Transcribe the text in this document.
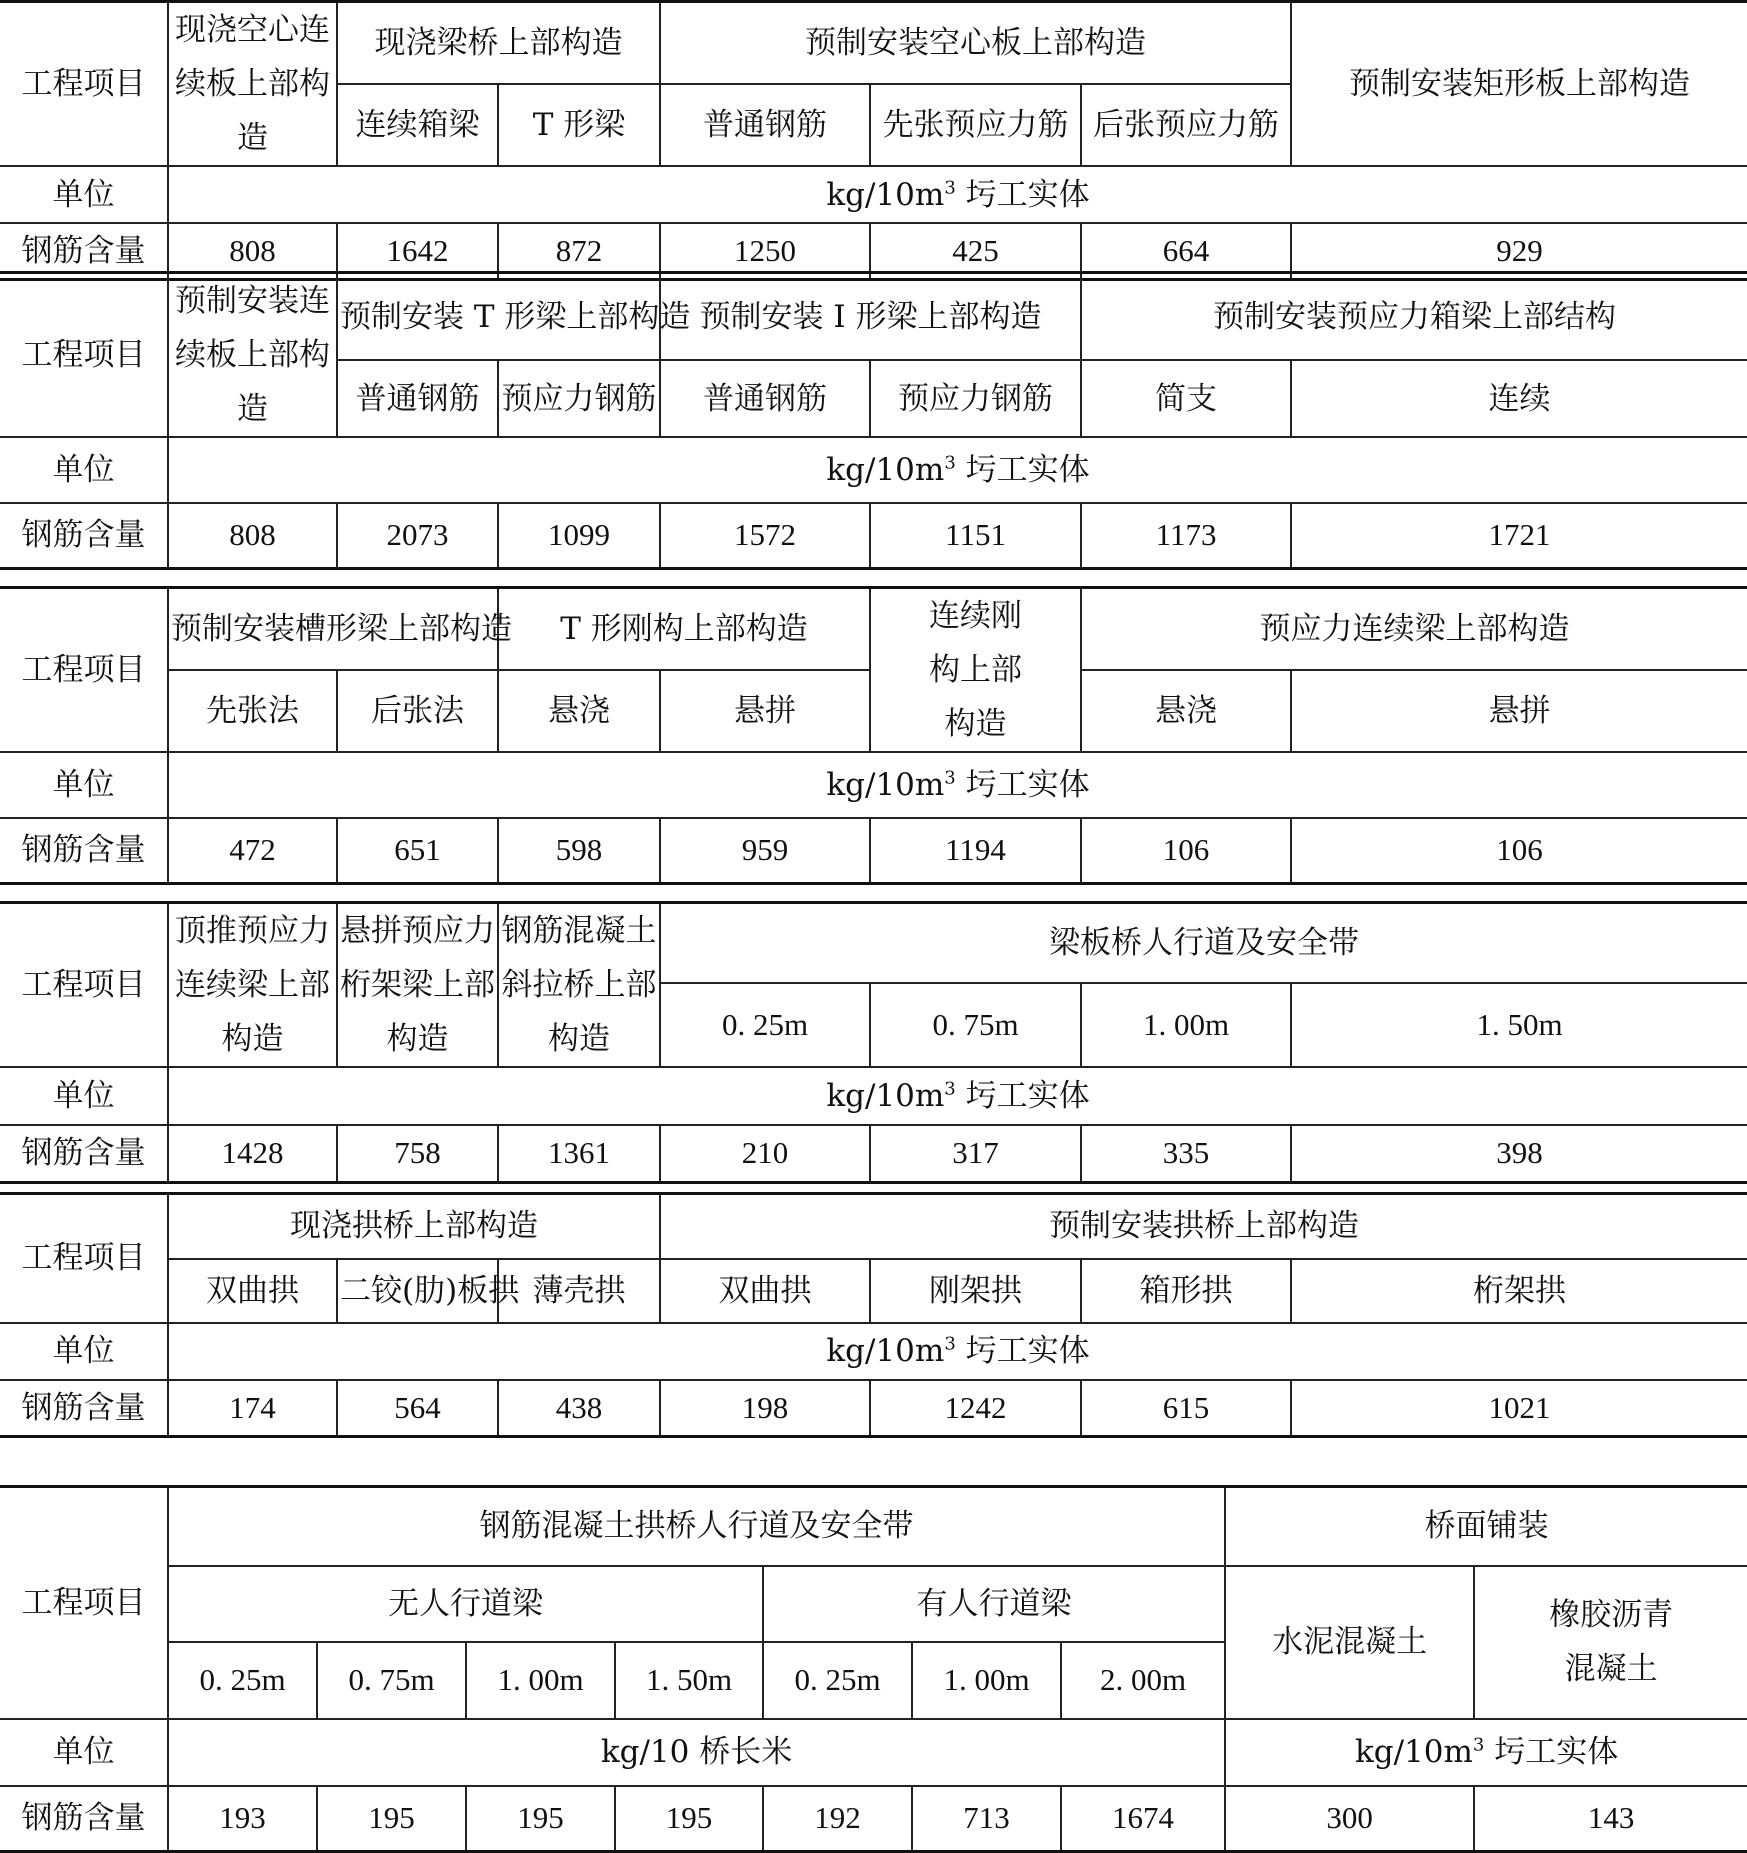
工程项目	现浇空心连续板上部构造	现浇梁桥上部构造		预制安装空心板上部构造			预制安装矩形板上部构造
		连续箱梁	T 形梁	普通钢筋	先张预应力筋	后张预应力筋	
单位	$kg/10m^3$ 圬工实体						
钢筋含量	808	1642	872	1250	425	664	929
工程项目	预制安装连续板上部构造	预制安装 T 形梁上部构造		预制安装 I 形梁上部构造		预制安装预应力箱梁上部结构	
		普通钢筋	预应力钢筋	普通钢筋	预应力钢筋	简支	连续
单位	$kg/10m^3$ 圬工实体						
钢筋含量	808	2073	1099	1572	1151	1173	1721
工程项目	预制安装槽形梁上部构造		T 形刚构上部构造		连续刚构上部构造	预应力连续梁上部构造	
	先张法	后张法	悬浇	悬拼		悬浇	悬拼
单位	$kg/10m^3$ 圬工实体						
钢筋含量	472	651	598	959	1194	106	106
工程项目	顶推预应力连续梁上部构造	悬拼预应力桁架梁上部构造	钢筋混凝土斜拉桥上部构造	梁板桥人行道及安全带			
				0. 25m	0. 75m	1. 00m	1. 50m
单位	$kg/10m^3$ 圬工实体						
钢筋含量	1428	758	1361	210	317	335	398
工程项目	现浇拱桥上部构造			预制安装拱桥上部构造			
	双曲拱	二铰(肋)板拱	薄壳拱	双曲拱	刚架拱	箱形拱	桁架拱
单位	$kg/10m^3$ 圬工实体						
钢筋含量	174	564	438	198	1242	615	1021
工程项目	钢筋混凝土拱桥人行道及安全带							桥面铺装	
	无人行道梁				有人行道梁			水泥混凝土	橡胶沥青混凝土
	0. 25m	0. 75m	1. 00m	1. 50m	0. 25m	1. 00m	2. 00m		
单位	kg/10 桥长米							$kg/10m^3$ 圬工实体	
钢筋含量	193	195	195	195	192	713	1674	300	143
